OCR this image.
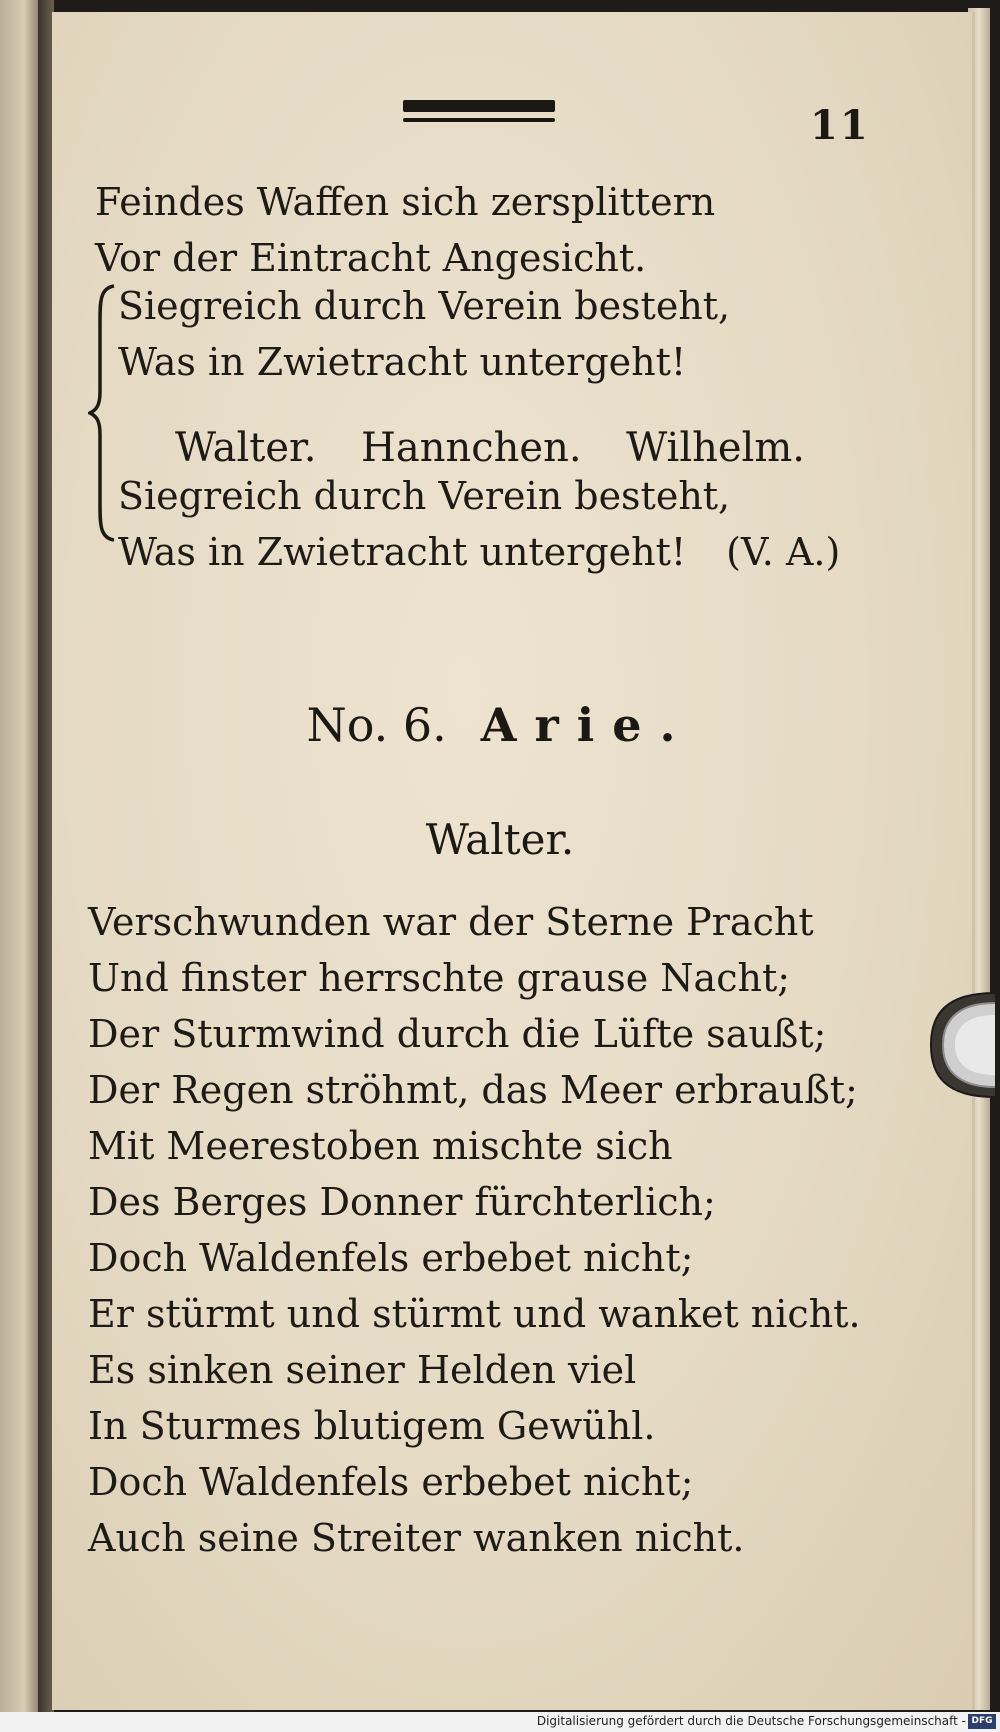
11
Feindes Waffen sich zersplittern
Vor der Eintracht Angesicht.
Siegreich durch Verein besteht,
Was in Zwietracht untergeht!
Walter. Hannchen. Wilhelm.
Siegreich durch Verein besteht,
Was in Zwietracht untergeht! (V. A.)
No. 6. Arie.
Walter.
Verschwunden war der Sterne Pracht
Und finster herrschte grause Nacht;
Der Sturmwind durch die Lüfte saußt;
Der Regen ströhmt, das Meer erbraußt;
Mit Meerestoben mischte sich
Des Berges Donner fürchterlich;
Doch Waldenfels erbebet nicht;
Er stürmt und stürmt und wanket nicht.
Es sinken seiner Helden viel
In Sturmes blutigem Gewühl.
Doch Waldenfels erbebet nicht;
Auch seine Streiter wanken nicht.
Digitalisierung gefördert durch die Deutsche Forschungsgemeinschaft - DFG
